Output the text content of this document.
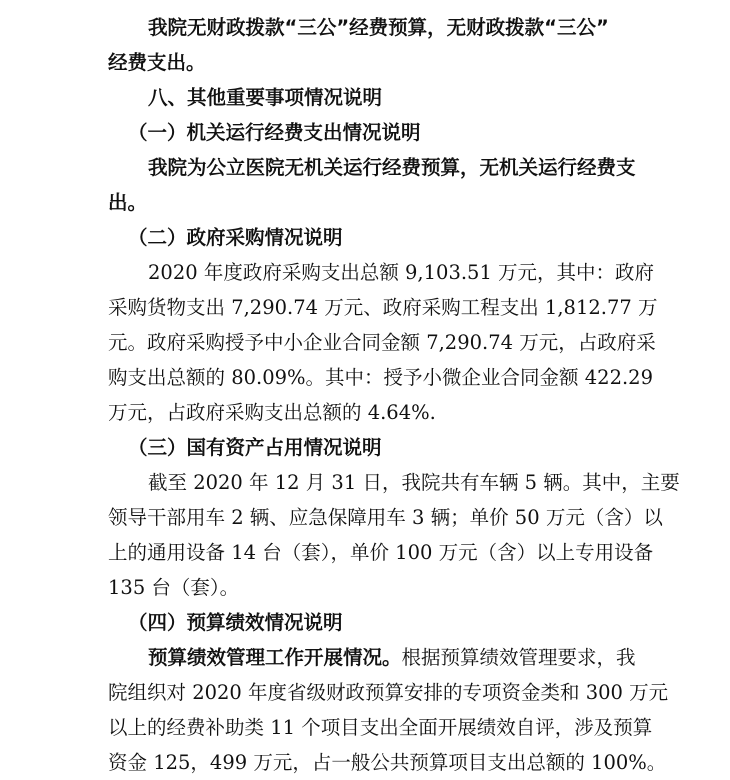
我院无财政拨款“三公”经费预算，无财政拨款“三公”
经费支出。
八、其他重要事项情况说明
（一）机关运行经费支出情况说明
我院为公立医院无机关运行经费预算，无机关运行经费支
出。
（二）政府采购情况说明
2020 年度政府采购支出总额 9,103.51 万元，其中：政府
采购货物支出 7,290.74 万元、政府采购工程支出 1,812.77 万
元。政府采购授予中小企业合同金额 7,290.74 万元，占政府采
购支出总额的 80.09%。其中：授予小微企业合同金额 422.29
万元，占政府采购支出总额的 4.64%.
（三）国有资产占用情况说明
截至 2020 年 12 月 31 日，我院共有车辆 5 辆。其中，主要
领导干部用车 2 辆、应急保障用车 3 辆；单价 50 万元（含）以
上的通用设备 14 台（套），单价 100 万元（含）以上专用设备
135 台（套）。
（四）预算绩效情况说明
预算绩效管理工作开展情况。 根据预算绩效管理要求，我
院组织对 2020 年度省级财政预算安排的专项资金类和 300 万元
以上的经费补助类 11 个项目支出全面开展绩效自评，涉及预算
资金 125，499 万元，占一般公共预算项目支出总额的 100%。
